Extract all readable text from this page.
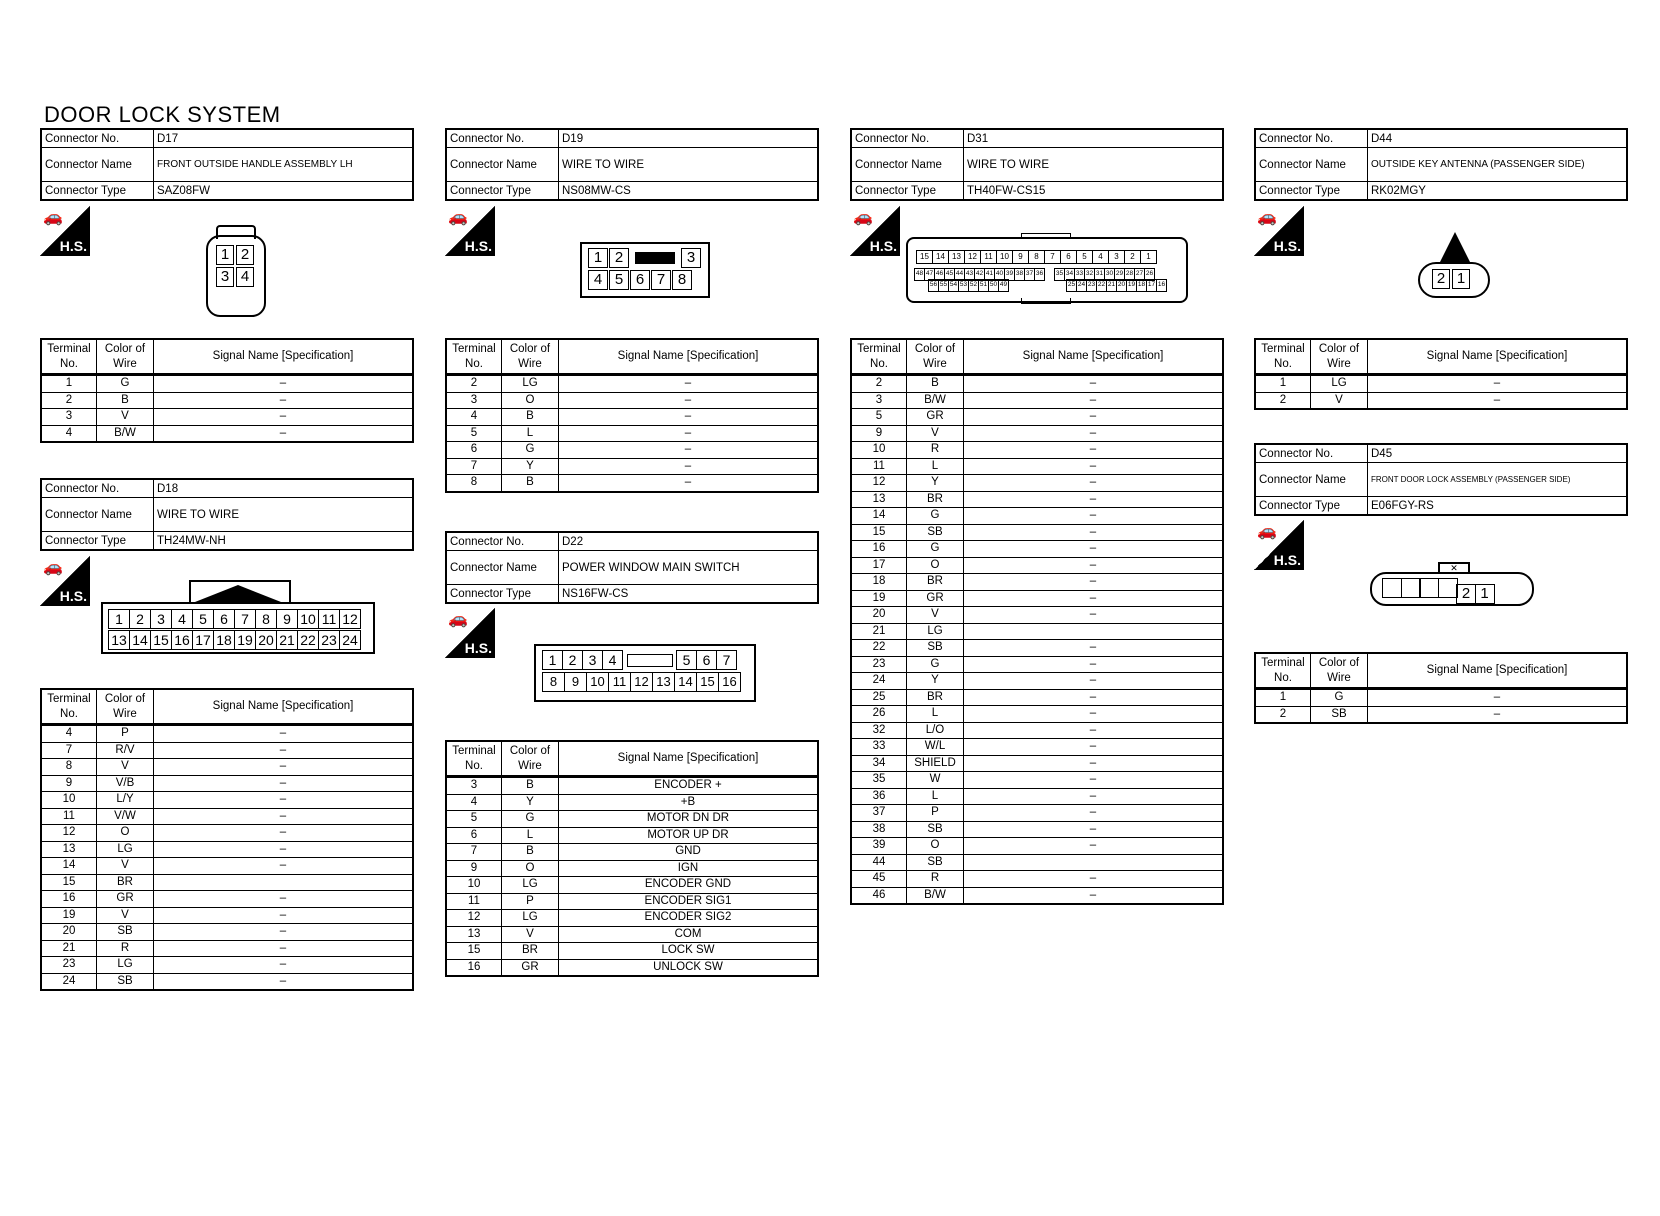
DOOR LOCK SYSTEM
Connector No.	D17
Connector Name	FRONT OUTSIDE HANDLE ASSEMBLY LH
Connector Type	SAZ08FW
🚗
H.S.	1 2 3 4
Terminal No.	Color of Wire	Signal Name [Specification]
1	G	–
2	B	–
3	V	–
4	B/W	–
Connector No.	D18
Connector Name	WIRE TO WIRE
Connector Type	TH24MW-NH
🚗
H.S.
1 2 3 4 5 6 7 8 9 10 11 12
13 14 15 16 17 18 19 20 21 22 23 24
Terminal No.	Color of Wire	Signal Name [Specification]
4	P	–
7	R/V	–
8	V	–
9	V/B	–
10	L/Y	–
11	V/W	–
12	O	–
13	LG	–
14	V	–
15	BR	
16	GR	–
19	V	–
20	SB	–
21	R	–
23	LG	–
24	SB	–
Connector No.	D19
Connector Name	WIRE TO WIRE
Connector Type	NS08MW-CS
🚗
H.S.
1 2	3
4 5 6 7 8
Terminal No.	Color of Wire	Signal Name [Specification]
2	LG	–
3	O	–
4	B	–
5	L	–
6	G	–
7	Y	–
8	B	–
Connector No.	D22
Connector Name	POWER WINDOW MAIN SWITCH
Connector Type	NS16FW-CS
🚗
H.S.
1 2 3 4	5 6 7
8 9 10 11 12 13 14 15 16
Terminal No.	Color of Wire	Signal Name [Specification]
3	B	ENCODER +
4	Y	+B
5	G	MOTOR DN DR
6	L	MOTOR UP DR
7	B	GND
9	O	IGN
10	LG	ENCODER GND
11	P	ENCODER SIG1
12	LG	ENCODER SIG2
13	V	COM
15	BR	LOCK SW
16	GR	UNLOCK SW
Connector No.	D31
Connector Name	WIRE TO WIRE
Connector Type	TH40FW-CS15
🚗
H.S.
15 14 13 12 11 10 9 8 7 6 5 4 3 2 1
48 47 46 45 44 43 42 41 40 39 38 37 36 35 34 33 32 31 30 29 28 27 26
56 55 54 53 52 51 50 49	25 24 23 22 21 20 19 18 17 16
Terminal No.	Color of Wire	Signal Name [Specification]
2	B	–
3	B/W	–
5	GR	–
9	V	–
10	R	–
11	L	–
12	Y	–
13	BR	–
14	G	–
15	SB	–
16	G	–
17	O	–
18	BR	–
19	GR	–
20	V	–
21	LG	
22	SB	–
23	G	–
24	Y	–
25	BR	–
26	L	–
32	L/O	–
33	W/L	–
34	SHIELD	–
35	W	–
36	L	–
37	P	–
38	SB	–
39	O	–
44	SB	
45	R	–
46	B/W	–
Connector No.	D44
Connector Name	OUTSIDE KEY ANTENNA (PASSENGER SIDE)
Connector Type	RK02MGY
🚗
H.S.
2 1
Terminal No.	Color of Wire	Signal Name [Specification]
1	LG	–
2	V	–
Connector No.	D45
Connector Name	FRONT DOOR LOCK ASSEMBLY (PASSENGER SIDE)
Connector Type	E06FGY-RS
🚗
H.S.	✕
2 1
Terminal No.	Color of Wire	Signal Name [Specification]
1	G	–
2	SB	–
